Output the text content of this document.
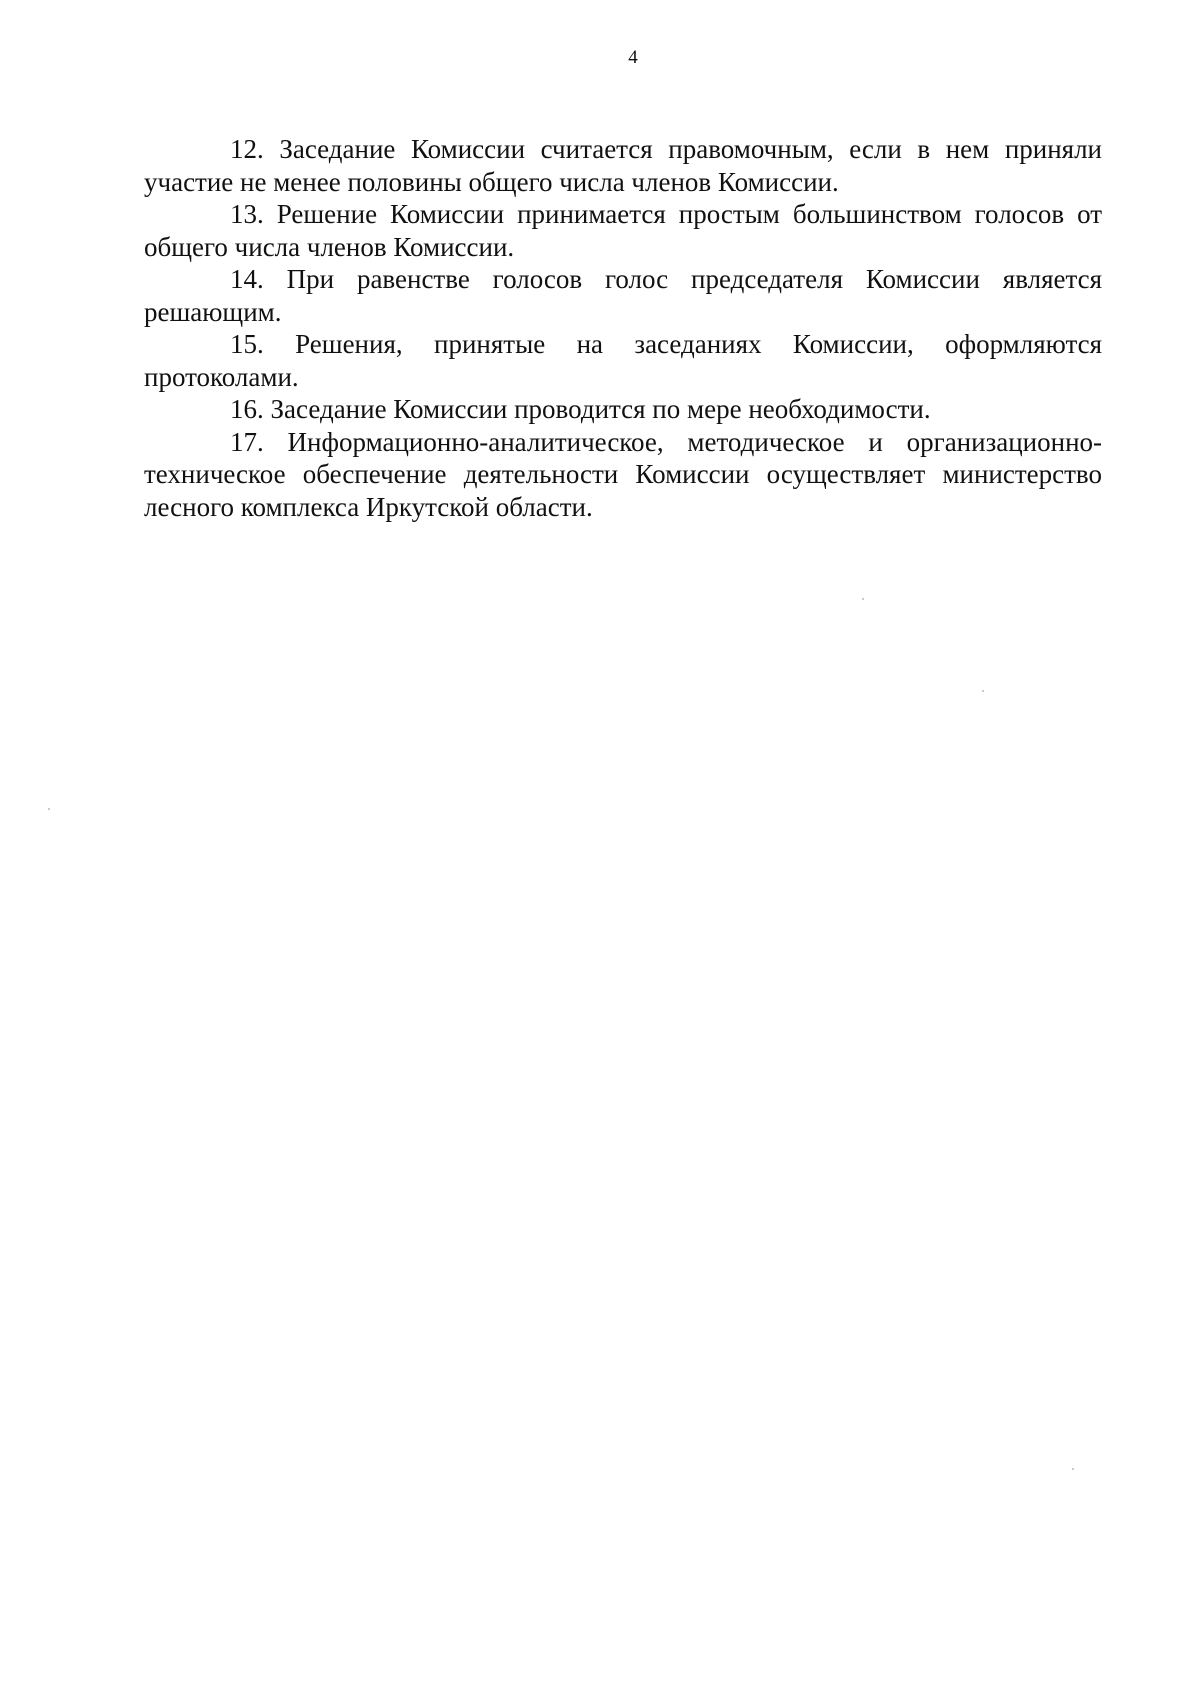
4

12. Заседание Комиссии считается правомочным, если в нем приняли участие не менее половины общего числа членов Комиссии.

13. Решение Комиссии принимается простым большинством голосов от общего числа членов Комиссии.

14. При равенстве голосов голос председателя Комиссии является решающим.

15. Решения, принятые на заседаниях Комиссии, оформляются протоколами.

16. Заседание Комиссии проводится по мере необходимости.

17. Информационно-аналитическое, методическое и организационно-техническое обеспечение деятельности Комиссии осуществляет министерство лесного комплекса Иркутской области.
